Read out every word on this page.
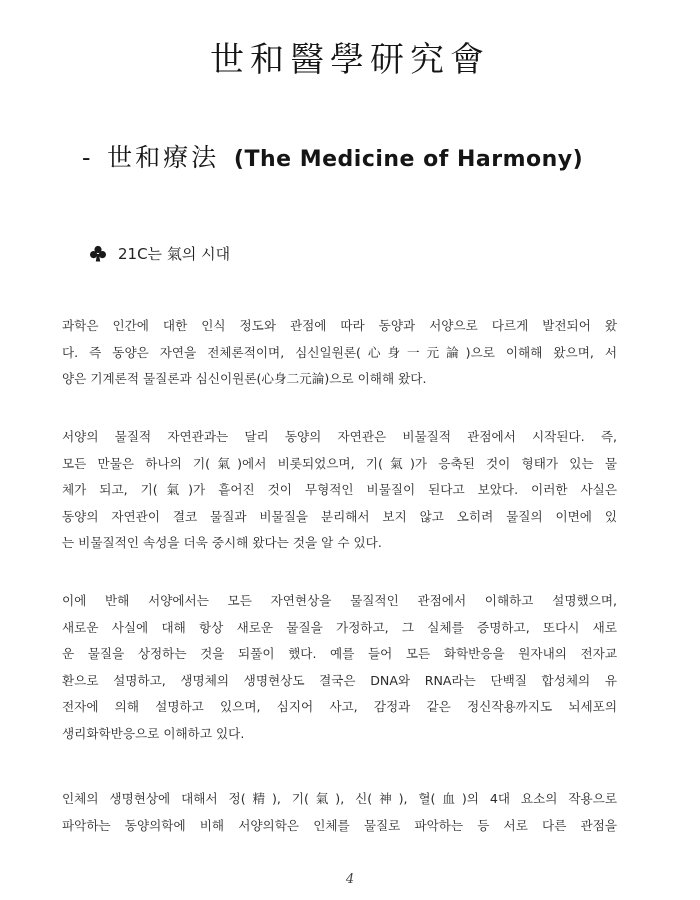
世和醫學研究會
- 世和療法 (The Medicine of Harmony)
21C는 氣의 시대
과학은 인간에 대한 인식 정도와 관점에 따라 동양과 서양으로 다르게 발전되어 왔
다. 즉 동양은 자연을 전체론적이며, 심신일원론(心身一元論)으로 이해해 왔으며, 서
양은 기계론적 물질론과 심신이원론(心身二元論)으로 이해해 왔다.
서양의 물질적 자연관과는 달리 동양의 자연관은 비물질적 관점에서 시작된다. 즉,
모든 만물은 하나의 기(氣)에서 비롯되었으며, 기(氣)가 응축된 것이 형태가 있는 물
체가 되고, 기(氣)가 흩어진 것이 무형적인 비물질이 된다고 보았다. 이러한 사실은
동양의 자연관이 결코 물질과 비물질을 분리해서 보지 않고 오히려 물질의 이면에 있
는 비물질적인 속성을 더욱 중시해 왔다는 것을 알 수 있다.
이에 반해 서양에서는 모든 자연현상을 물질적인 관점에서 이해하고 설명했으며,
새로운 사실에 대해 항상 새로운 물질을 가정하고, 그 실체를 증명하고, 또다시 새로
운 물질을 상정하는 것을 되풀이 했다. 예를 들어 모든 화학반응을 원자내의 전자교
환으로 설명하고, 생명체의 생명현상도 결국은 DNA와 RNA라는 단백질 합성체의 유
전자에 의해 설명하고 있으며, 심지어 사고, 감정과 같은 정신작용까지도 뇌세포의
생리화학반응으로 이해하고 있다.
인체의 생명현상에 대해서 정(精), 기(氣), 신(神), 혈(血)의 4대 요소의 작용으로
파악하는 동양의학에 비해 서양의학은 인체를 물질로 파악하는 등 서로 다른 관점을
4
